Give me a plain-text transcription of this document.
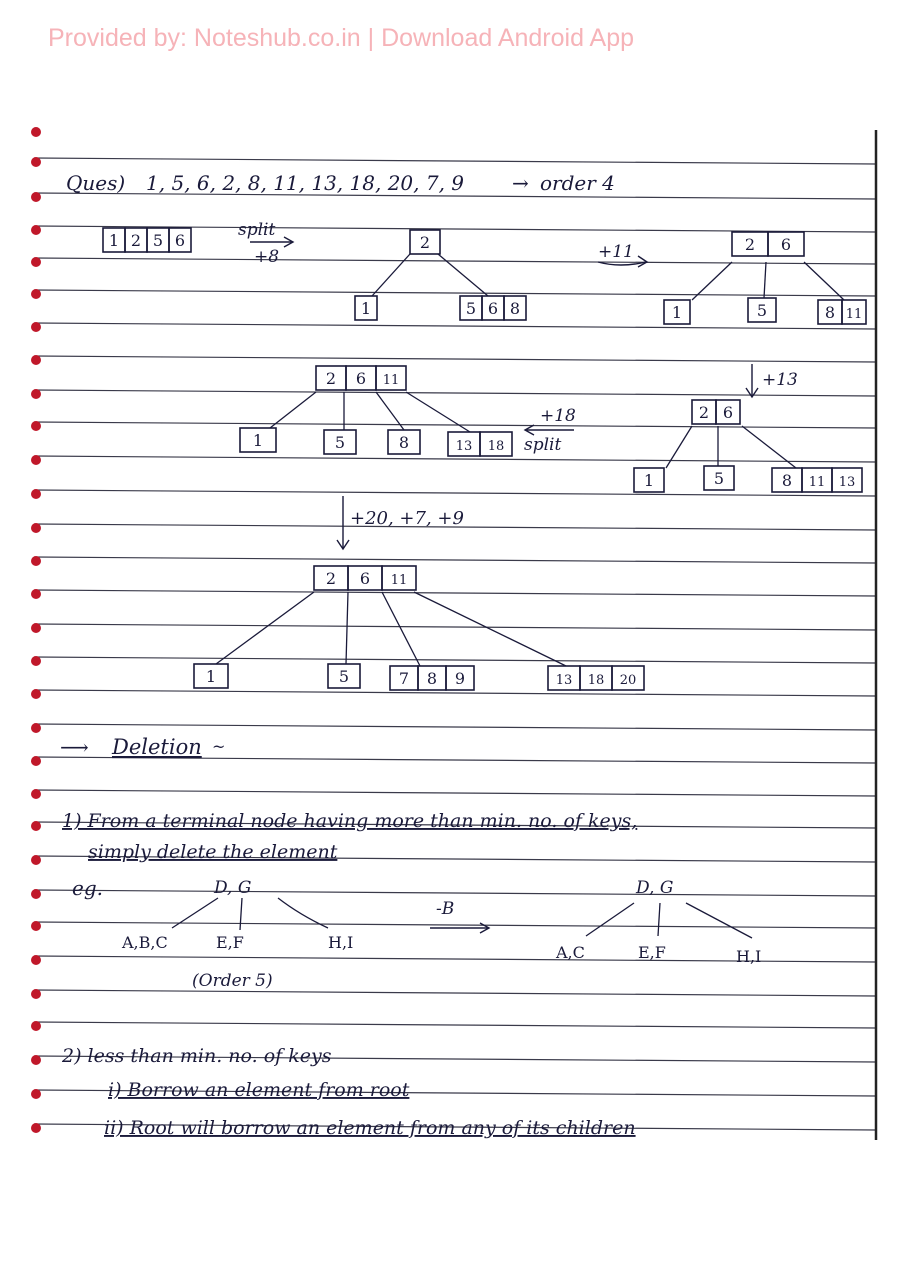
Provided by: Noteshub.co.in | Download Android App
Ques) 1, 5, 6, 2, 8, 11, 13, 18, 20, 7, 9 → order 4
1 2 5 6
split
+8
2
1	5 6 8
+11	2 6
1	5	8 11
+13
2 6
1	5	8 11 13
2 6 11
1	5	8	13 18
+18
split
+20, +7, +9
2 6 11
1	5	7 8 9	13 18 20
⟶ Deletion ~
1) From a terminal node having more than min. no. of keys,
simply delete the element
eg.	D, G
A,B,C	E,F	H,I
(Order 5)
-B
D, G
A,C	E,F	H,I
2) less than min. no. of keys
i) Borrow an element from root
ii) Root will borrow an element from any of its children
